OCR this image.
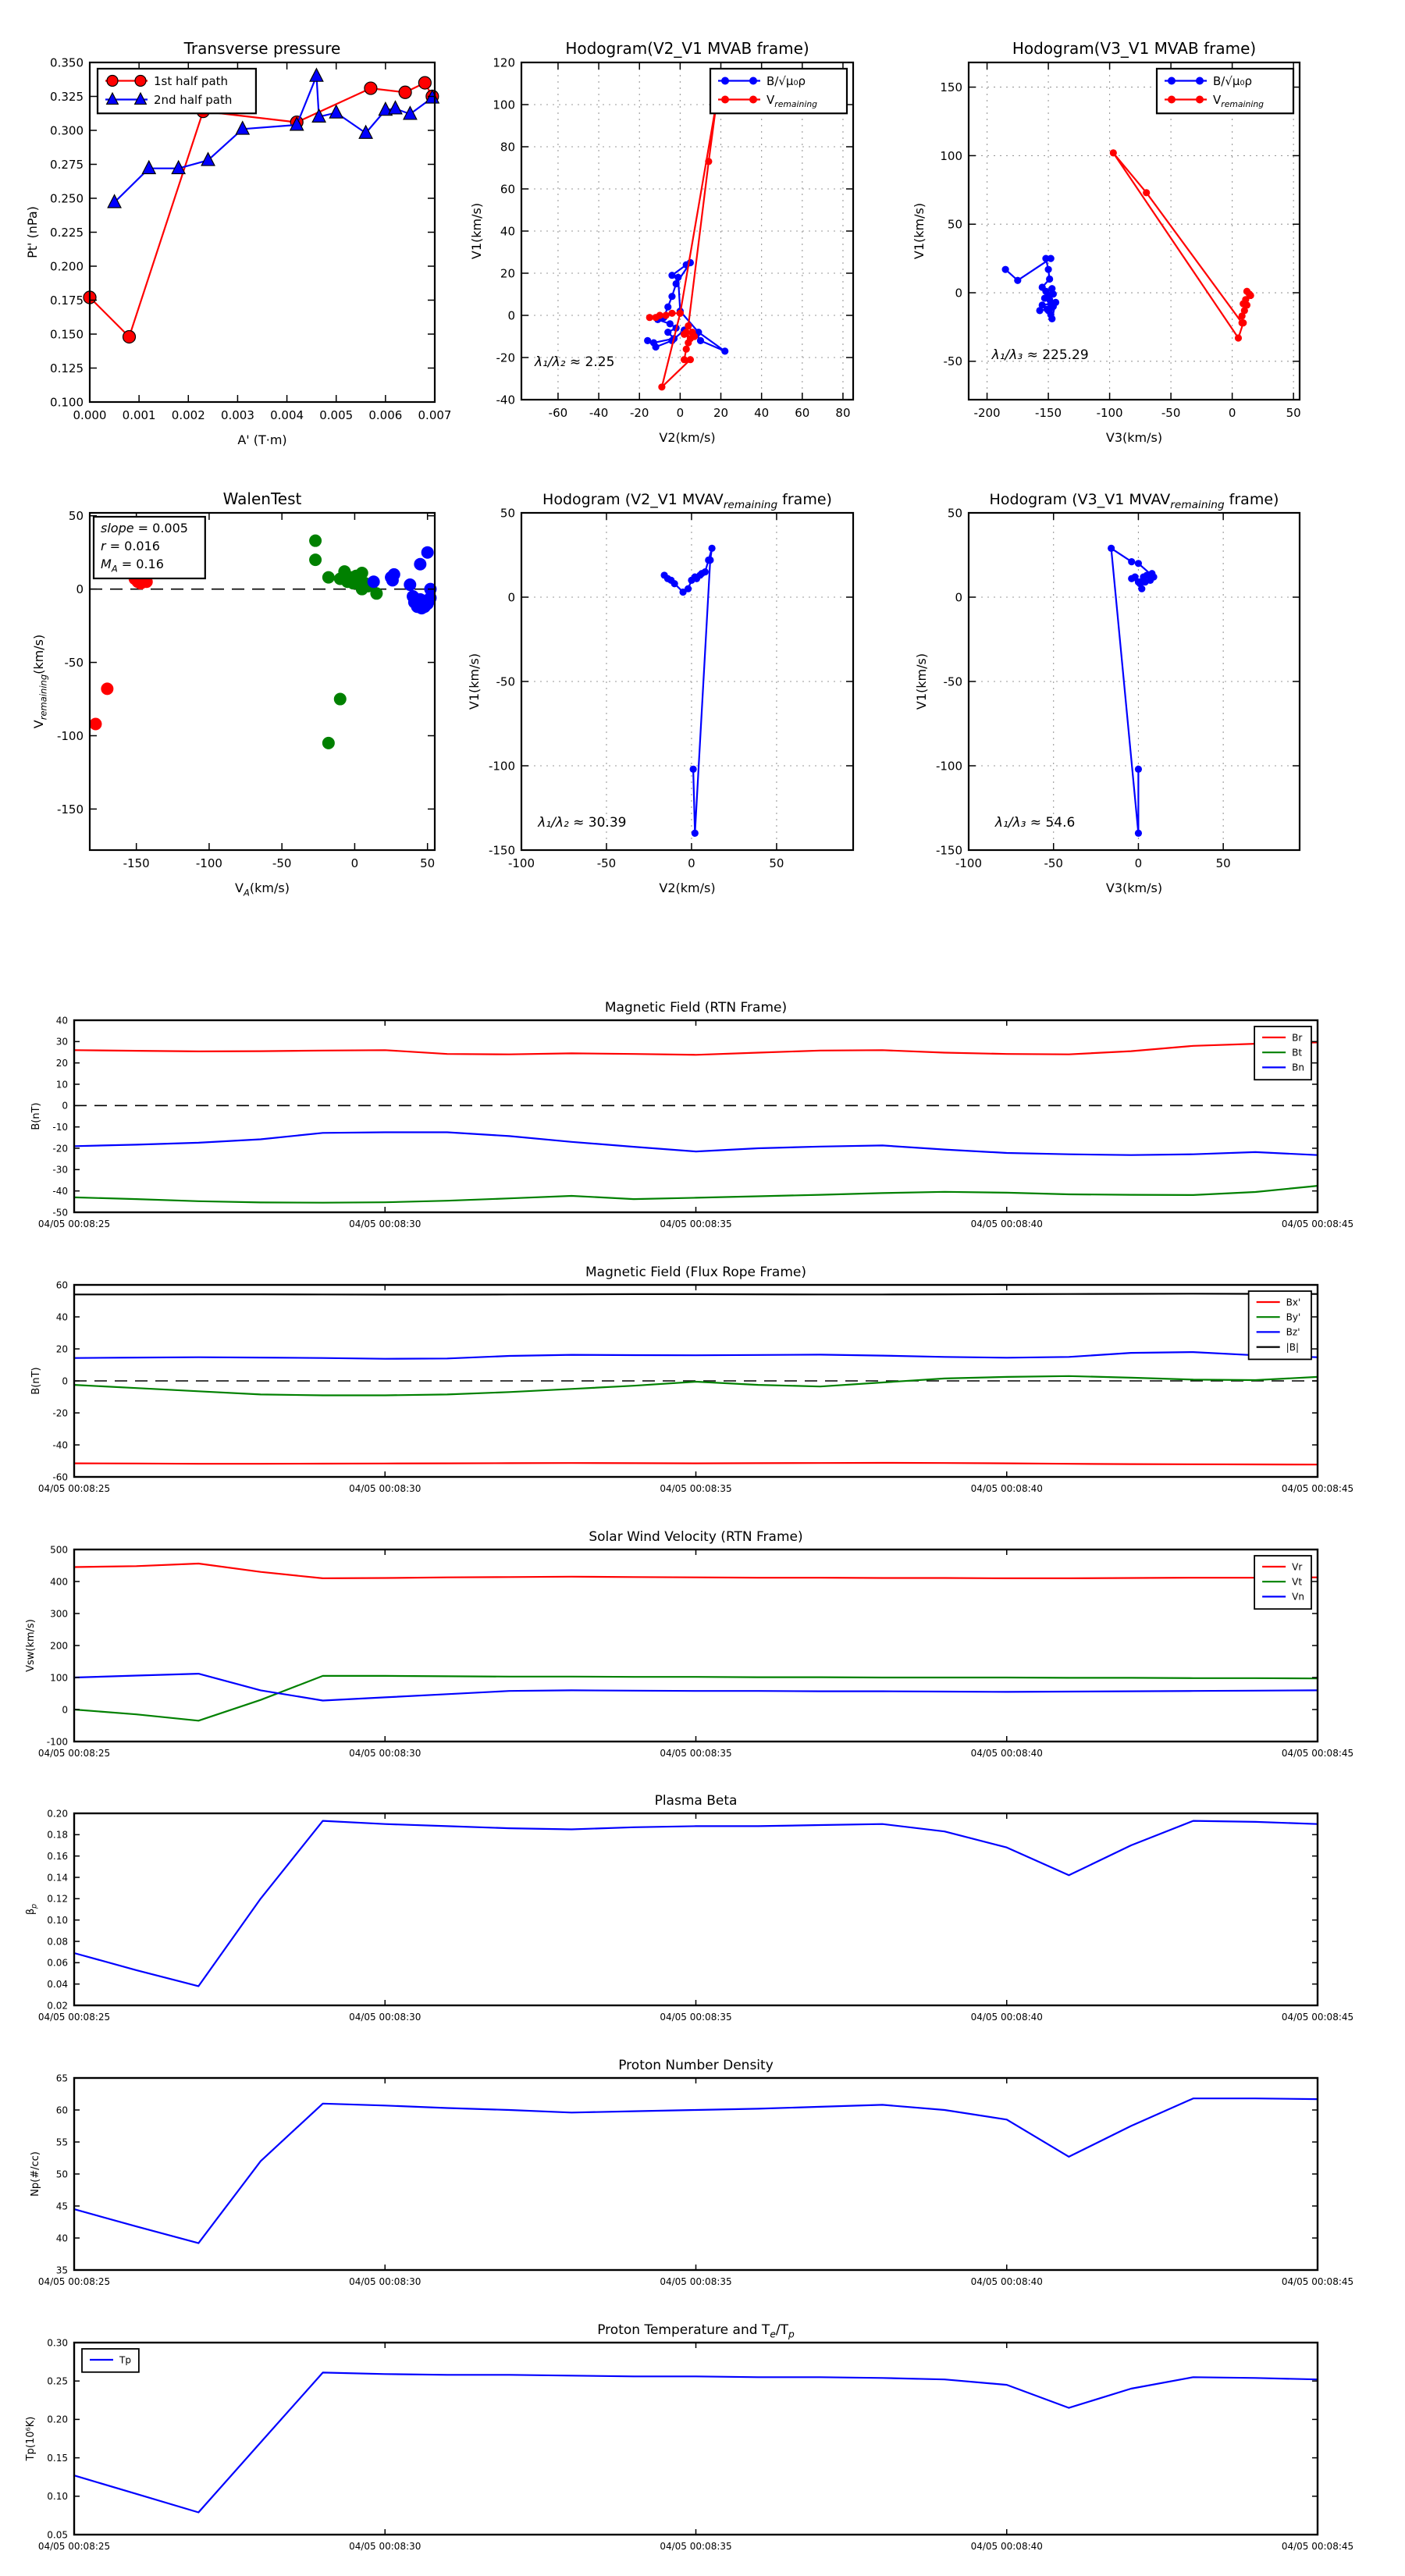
0.000 0.001 0.002 0.003 0.004 0.005 0.006 0.007
0.100
0.125
0.150
0.175
0.200
0.225
0.250
0.275
0.300
0.325
0.350
Transverse pressure
A' (T·m)
Pt' (nPa)
1st half path
2nd half path
-60 -40 -20 0	20 40 60 80
-40
-20
0
20
40
60
80
100
120
Hodogram(V2_V1 MVAB frame)
V2(km/s)
V1(km/s)
B/√μ₀ρ
$V_{remaining}$
λ₁/λ₂ ≈ 2.25
-200	-150	-100	-50	0	50
-50
0
50
100
150
Hodogram(V3_V1 MVAB frame)
V3(km/s)
V1(km/s)
B/√μ₀ρ
$V_{remaining}$
λ₁/λ₃ ≈ 225.29
-150	-100	-50	0	50
-150
-100
-50
0
50
WalenTest
$V_A(km/s)$
$V_{remaining}(km/s)$
slope = 0.005
r = 0.016
$M_A = 0.16$
-100	-50	0	50
-150
-100
-50
0
50
Hodogram (V2_V1 $MVAV_{remaining}$ frame)
V2(km/s)
V1(km/s)
λ₁/λ₂ ≈ 30.39
-100	-50	0	50
-150
-100
-50
0
50
Hodogram (V3_V1 $MVAV_{remaining}$ frame)
V3(km/s)
V1(km/s)
λ₁/λ₃ ≈ 54.6
04/05 00:08:25	04/05 00:08:30	04/05 00:08:35	04/05 00:08:40	04/05 00:08:45
-50
-40
-30
-20
-10
0
10
20
30
40
Magnetic Field (RTN Frame)
B(nT)
Br
Bt
Bn
04/05 00:08:25	04/05 00:08:30	04/05 00:08:35	04/05 00:08:40	04/05 00:08:45
-60
-40
-20
0
20
40
60
Magnetic Field (Flux Rope Frame)
B(nT)
Bx'
By'
Bz'
|B|
04/05 00:08:25	04/05 00:08:30	04/05 00:08:35	04/05 00:08:40	04/05 00:08:45
-100
0
100
200
300
400
500
Solar Wind Velocity (RTN Frame)
Vsw(km/s)
Vr
Vt
Vn
04/05 00:08:25	04/05 00:08:30	04/05 00:08:35	04/05 00:08:40	04/05 00:08:45
0.02
0.04
0.06
0.08
0.10
0.12
0.14
0.16
0.18
0.20
Plasma Beta
$\beta_p$
04/05 00:08:25	04/05 00:08:30	04/05 00:08:35	04/05 00:08:40	04/05 00:08:45
35
40
45
50
55
60
65
Proton Number Density
Np(#/cc)
04/05 00:08:25	04/05 00:08:30	04/05 00:08:35	04/05 00:08:40	04/05 00:08:45
0.05
0.10
0.15
0.20
0.25
0.30
Proton Temperature and $T_e/T_p$
Tp(10⁶K)
Tp
